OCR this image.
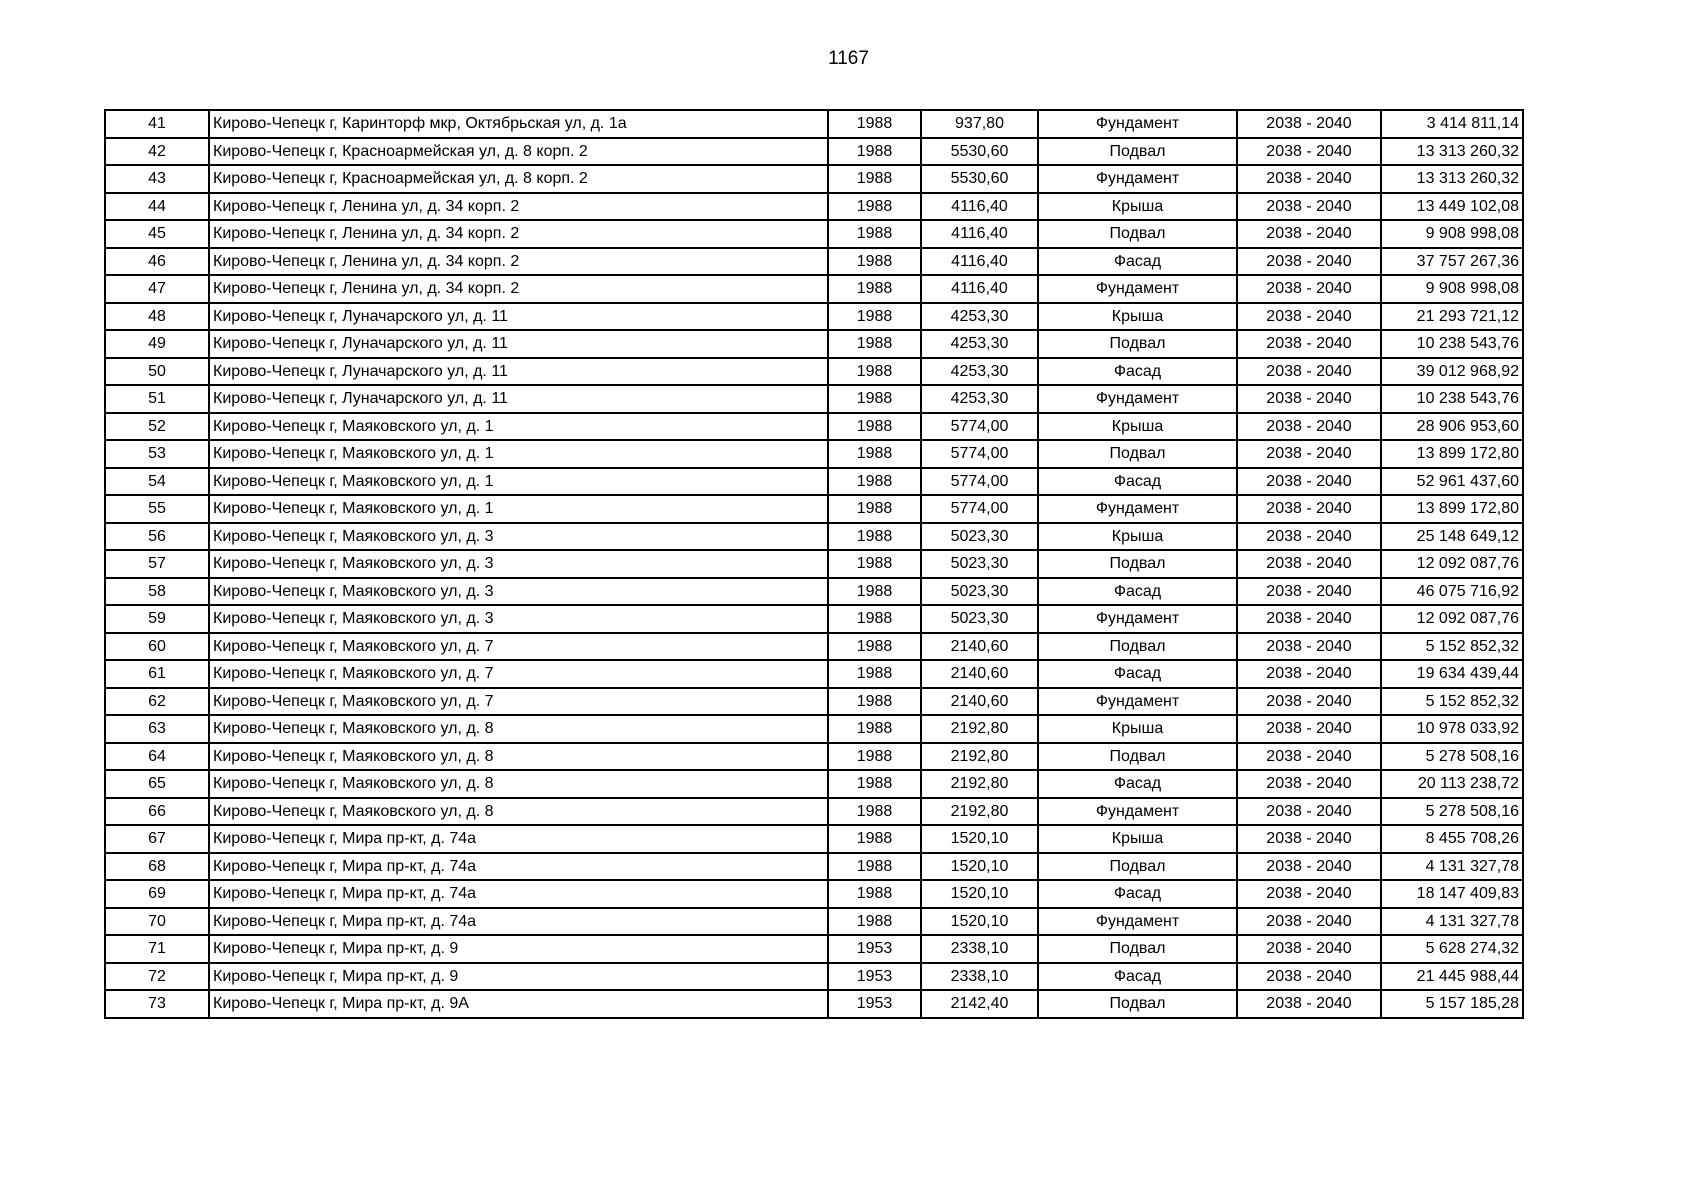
1167
41	Кирово-Чепецк г, Каринторф мкр, Октябрьская ул, д. 1а	1988	937,80	Фундамент	2038 - 2040	3 414 811,14
42	Кирово-Чепецк г, Красноармейская ул, д. 8 корп. 2	1988	5530,60	Подвал	2038 - 2040	13 313 260,32
43	Кирово-Чепецк г, Красноармейская ул, д. 8 корп. 2	1988	5530,60	Фундамент	2038 - 2040	13 313 260,32
44	Кирово-Чепецк г, Ленина ул, д. 34 корп. 2	1988	4116,40	Крыша	2038 - 2040	13 449 102,08
45	Кирово-Чепецк г, Ленина ул, д. 34 корп. 2	1988	4116,40	Подвал	2038 - 2040	9 908 998,08
46	Кирово-Чепецк г, Ленина ул, д. 34 корп. 2	1988	4116,40	Фасад	2038 - 2040	37 757 267,36
47	Кирово-Чепецк г, Ленина ул, д. 34 корп. 2	1988	4116,40	Фундамент	2038 - 2040	9 908 998,08
48	Кирово-Чепецк г, Луначарского ул, д. 11	1988	4253,30	Крыша	2038 - 2040	21 293 721,12
49	Кирово-Чепецк г, Луначарского ул, д. 11	1988	4253,30	Подвал	2038 - 2040	10 238 543,76
50	Кирово-Чепецк г, Луначарского ул, д. 11	1988	4253,30	Фасад	2038 - 2040	39 012 968,92
51	Кирово-Чепецк г, Луначарского ул, д. 11	1988	4253,30	Фундамент	2038 - 2040	10 238 543,76
52	Кирово-Чепецк г, Маяковского ул, д. 1	1988	5774,00	Крыша	2038 - 2040	28 906 953,60
53	Кирово-Чепецк г, Маяковского ул, д. 1	1988	5774,00	Подвал	2038 - 2040	13 899 172,80
54	Кирово-Чепецк г, Маяковского ул, д. 1	1988	5774,00	Фасад	2038 - 2040	52 961 437,60
55	Кирово-Чепецк г, Маяковского ул, д. 1	1988	5774,00	Фундамент	2038 - 2040	13 899 172,80
56	Кирово-Чепецк г, Маяковского ул, д. 3	1988	5023,30	Крыша	2038 - 2040	25 148 649,12
57	Кирово-Чепецк г, Маяковского ул, д. 3	1988	5023,30	Подвал	2038 - 2040	12 092 087,76
58	Кирово-Чепецк г, Маяковского ул, д. 3	1988	5023,30	Фасад	2038 - 2040	46 075 716,92
59	Кирово-Чепецк г, Маяковского ул, д. 3	1988	5023,30	Фундамент	2038 - 2040	12 092 087,76
60	Кирово-Чепецк г, Маяковского ул, д. 7	1988	2140,60	Подвал	2038 - 2040	5 152 852,32
61	Кирово-Чепецк г, Маяковского ул, д. 7	1988	2140,60	Фасад	2038 - 2040	19 634 439,44
62	Кирово-Чепецк г, Маяковского ул, д. 7	1988	2140,60	Фундамент	2038 - 2040	5 152 852,32
63	Кирово-Чепецк г, Маяковского ул, д. 8	1988	2192,80	Крыша	2038 - 2040	10 978 033,92
64	Кирово-Чепецк г, Маяковского ул, д. 8	1988	2192,80	Подвал	2038 - 2040	5 278 508,16
65	Кирово-Чепецк г, Маяковского ул, д. 8	1988	2192,80	Фасад	2038 - 2040	20 113 238,72
66	Кирово-Чепецк г, Маяковского ул, д. 8	1988	2192,80	Фундамент	2038 - 2040	5 278 508,16
67	Кирово-Чепецк г, Мира пр-кт, д. 74а	1988	1520,10	Крыша	2038 - 2040	8 455 708,26
68	Кирово-Чепецк г, Мира пр-кт, д. 74а	1988	1520,10	Подвал	2038 - 2040	4 131 327,78
69	Кирово-Чепецк г, Мира пр-кт, д. 74а	1988	1520,10	Фасад	2038 - 2040	18 147 409,83
70	Кирово-Чепецк г, Мира пр-кт, д. 74а	1988	1520,10	Фундамент	2038 - 2040	4 131 327,78
71	Кирово-Чепецк г, Мира пр-кт, д. 9	1953	2338,10	Подвал	2038 - 2040	5 628 274,32
72	Кирово-Чепецк г, Мира пр-кт, д. 9	1953	2338,10	Фасад	2038 - 2040	21 445 988,44
73	Кирово-Чепецк г, Мира пр-кт, д. 9А	1953	2142,40	Подвал	2038 - 2040	5 157 185,28
